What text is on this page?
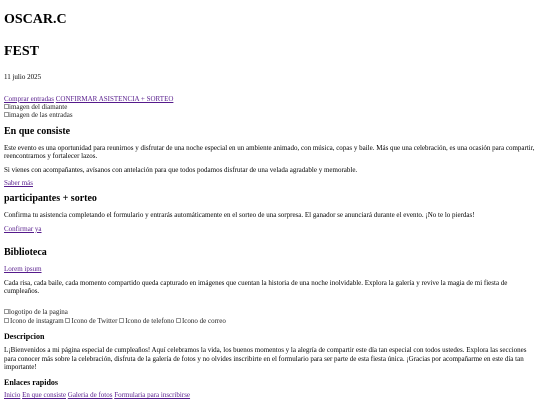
OSCAR.C

FEST

11 julio 2025

Comprar entradas CONFIRMAR ASISTENCIA + SORTEO
imagen del diamante
imagen de las entradas
En que consiste

Este evento es una oportunidad para reunirnos y disfrutar de una noche especial en un ambiente animado, con música, copas y baile. Más que una celebración, es una ocasión para compartir, reencontrarnos y fortalecer lazos.

Si vienes con acompañantes, avísanos con antelación para que todos podamos disfrutar de una velada agradable y memorable.

Saber más
participantes + sorteo

Confirma tu asistencia completando el formulario y entrarás automáticamente en el sorteo de una sorpresa. El ganador se anunciará durante el evento. ¡No te lo pierdas!

Confirmar ya
Biblioteca
Lorem ipsum

Cada risa, cada baile, cada momento compartido queda capturado en imágenes que cuentan la historia de una noche inolvidable. Explora la galería y revive la magia de mi fiesta de cumpleaños.

logotipo de la pagina
Icono de instagram
Icono de Twitter
Icono de telefono
Icono de correo
Descripcion

L¡Bienvenidos a mi página especial de cumpleaños! Aquí celebramos la vida, los buenos momentos y la alegría de compartir este día tan especial con todos ustedes. Explora las secciones para conocer más sobre la celebración, disfruta de la galería de fotos y no olvides inscribirte en el formulario para ser parte de esta fiesta única. ¡Gracias por acompañarme en este día tan importante!

Enlaces rapidos
Inicio En que consiste Galeria de fotos Formularia para inscribirse
